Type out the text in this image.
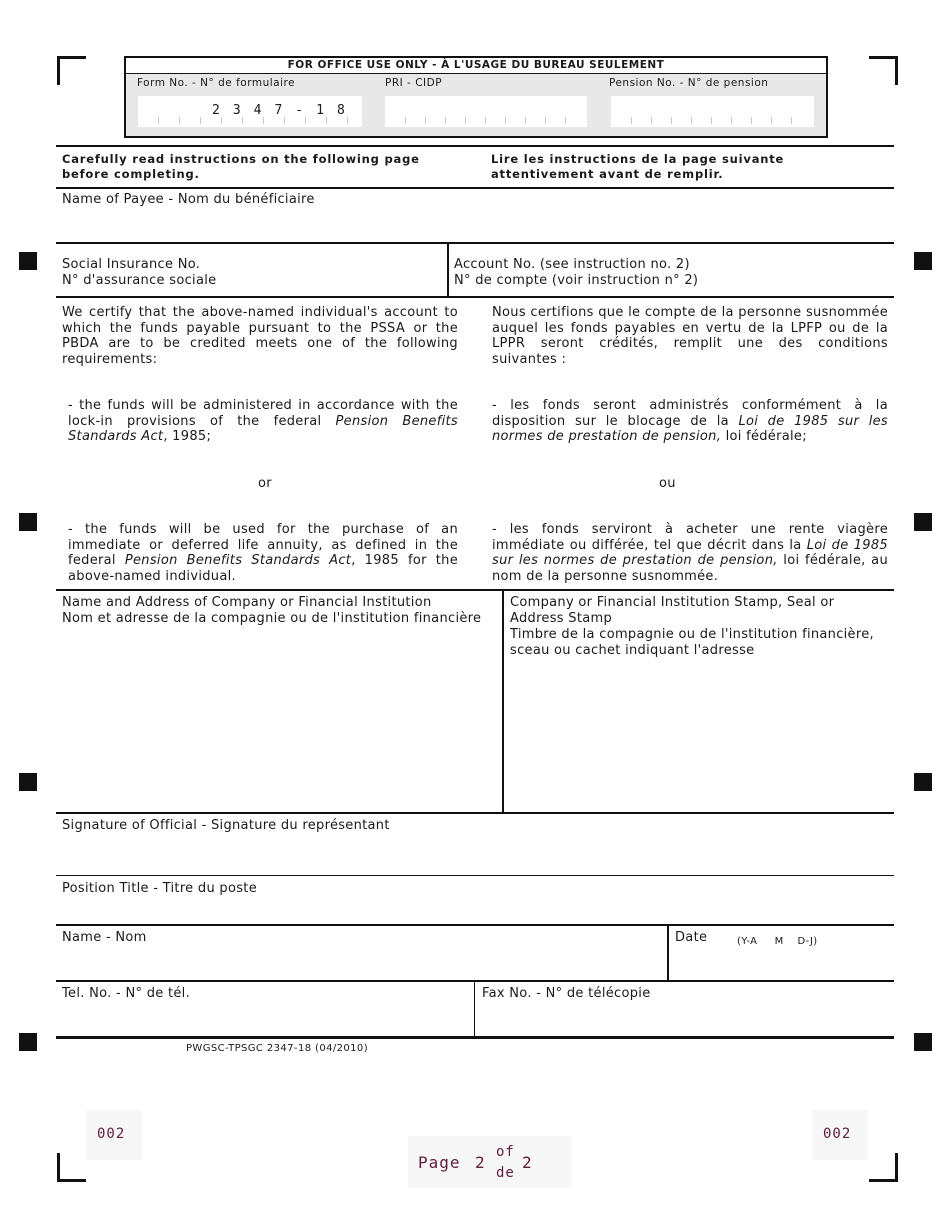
FOR OFFICE USE ONLY - À L'USAGE DU BUREAU SEULEMENT
Form No. - N° de formulaire	PRI - CIDP	Pension No. - N° de pension
2347-18
Carefully read instructions on the following page before completing.
Lire les instructions de la page suivante attentivement avant de remplir.
Name of Payee - Nom du bénéficiaire
Social Insurance No.
N° d'assurance sociale
Account No. (see instruction no. 2)
N° de compte (voir instruction n° 2)
We certify that the above-named individual's account to which the funds payable pursuant to the PSSA or the PBDA are to be credited meets one of the following requirements:
Nous certifions que le compte de la personne susnommée auquel les fonds payables en vertu de la LPFP ou de la LPPR seront crédités, remplit une des conditions suivantes :
- the funds will be administered in accordance with the lock-in provisions of the federal Pension Benefits Standards Act, 1985;
- les fonds seront administrés conformément à la disposition sur le blocage de la Loi de 1985 sur les normes de prestation de pension, loi fédérale;
or	ou
- the funds will be used for the purchase of an immediate or deferred life annuity, as defined in the federal Pension Benefits Standards Act, 1985 for the above-named individual.
- les fonds serviront à acheter une rente viagère immédiate ou différée, tel que décrit dans la Loi de 1985 sur les normes de prestation de pension, loi fédérale, au nom de la personne susnommée.
Name and Address of Company or Financial Institution
Nom et adresse de la compagnie ou de l'institution financière
Company or Financial Institution Stamp, Seal or Address Stamp
Timbre de la compagnie ou de l'institution financière, sceau ou cachet indiquant l'adresse
Signature of Official - Signature du représentant
Position Title - Titre du poste
Name - Nom	Date	(Y-A     M    D-J)
Tel. No. - N° de tél.	Fax No. - N° de télécopie
PWGSC-TPSGC 2347-18 (04/2010)
002	002
Page 2
of
de
2
